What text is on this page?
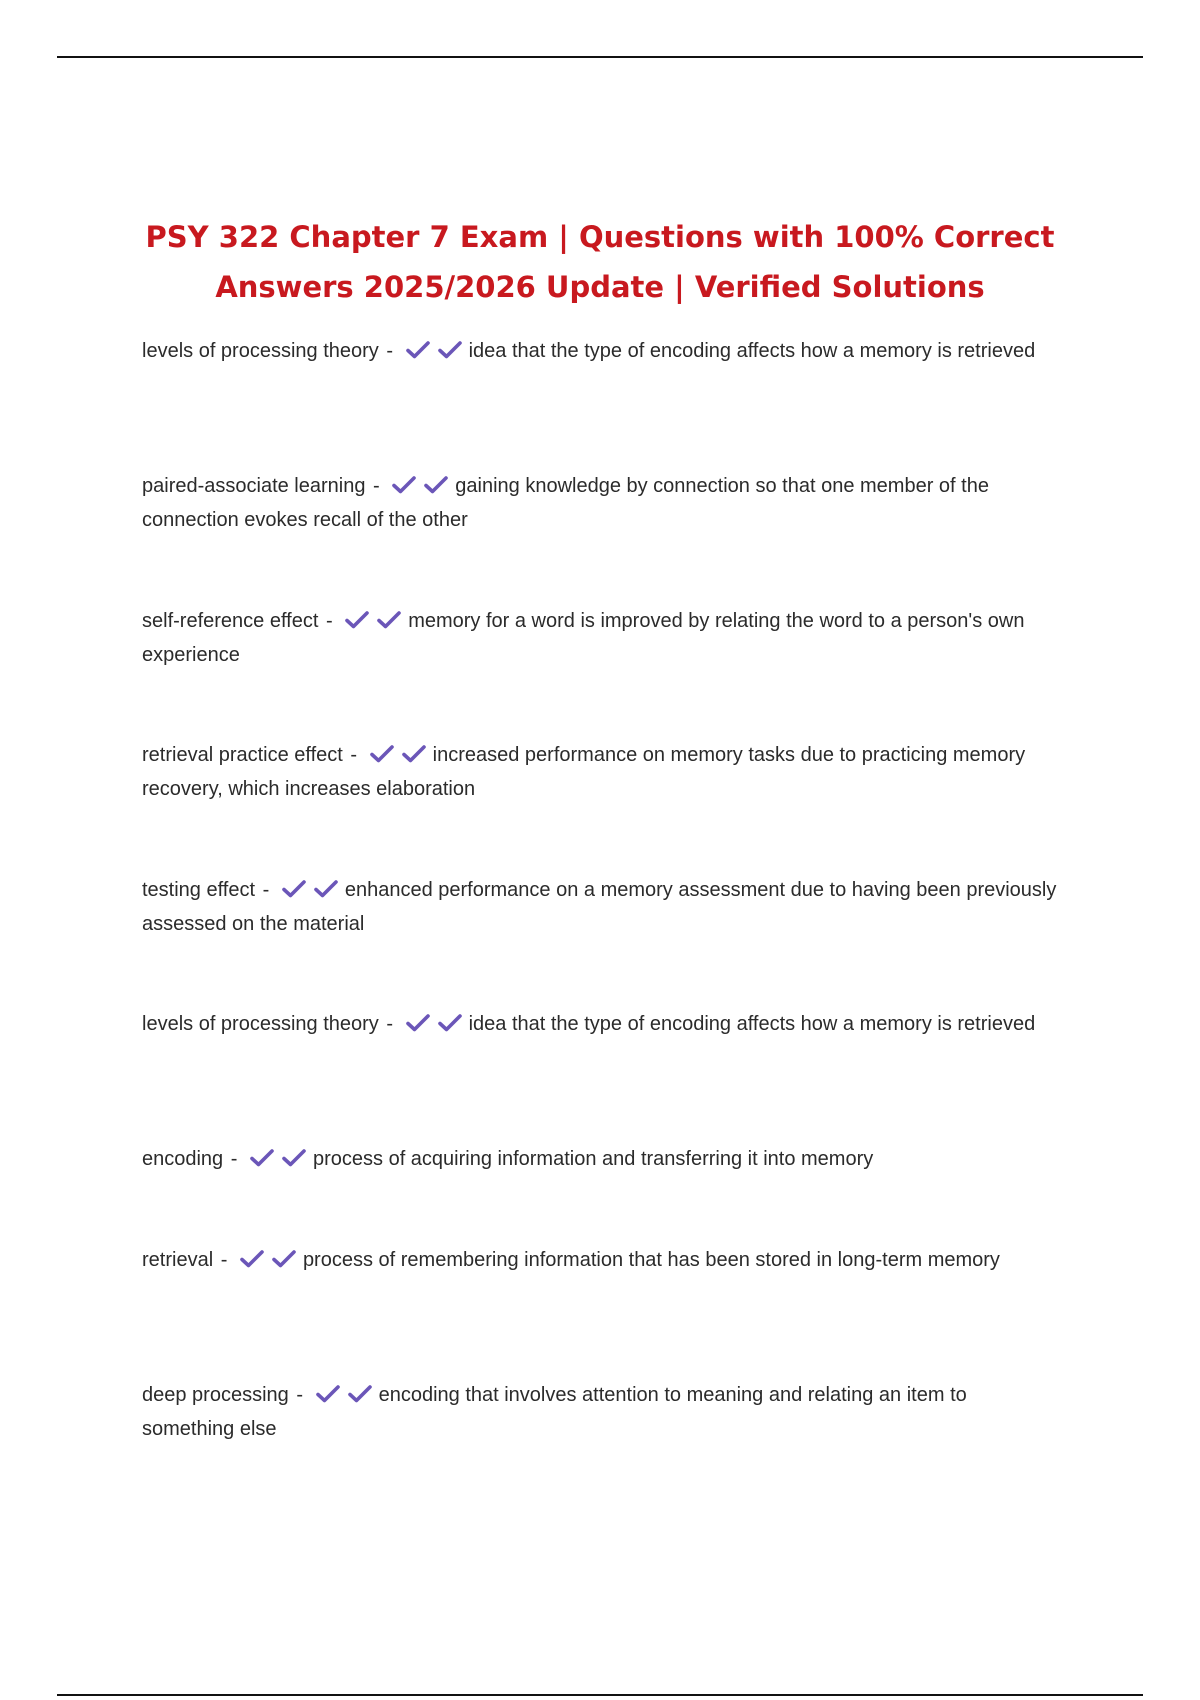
PSY 322 Chapter 7 Exam | Questions with 100% Correct Answers 2025/2026 Update | Verified Solutions

levels of processing theory -	idea that the type of encoding affects how a memory is retrieved

paired-associate learning -	gaining knowledge by connection so that one member of the connection evokes recall of the other

self-reference effect -	memory for a word is improved by relating the word to a person's own experience

retrieval practice effect -	increased performance on memory tasks due to practicing memory recovery, which increases elaboration

testing effect -	enhanced performance on a memory assessment due to having been previously assessed on the material

levels of processing theory -	idea that the type of encoding affects how a memory is retrieved

encoding -	process of acquiring information and transferring it into memory

retrieval -	process of remembering information that has been stored in long-term memory

deep processing -	encoding that involves attention to meaning and relating an item to something else
